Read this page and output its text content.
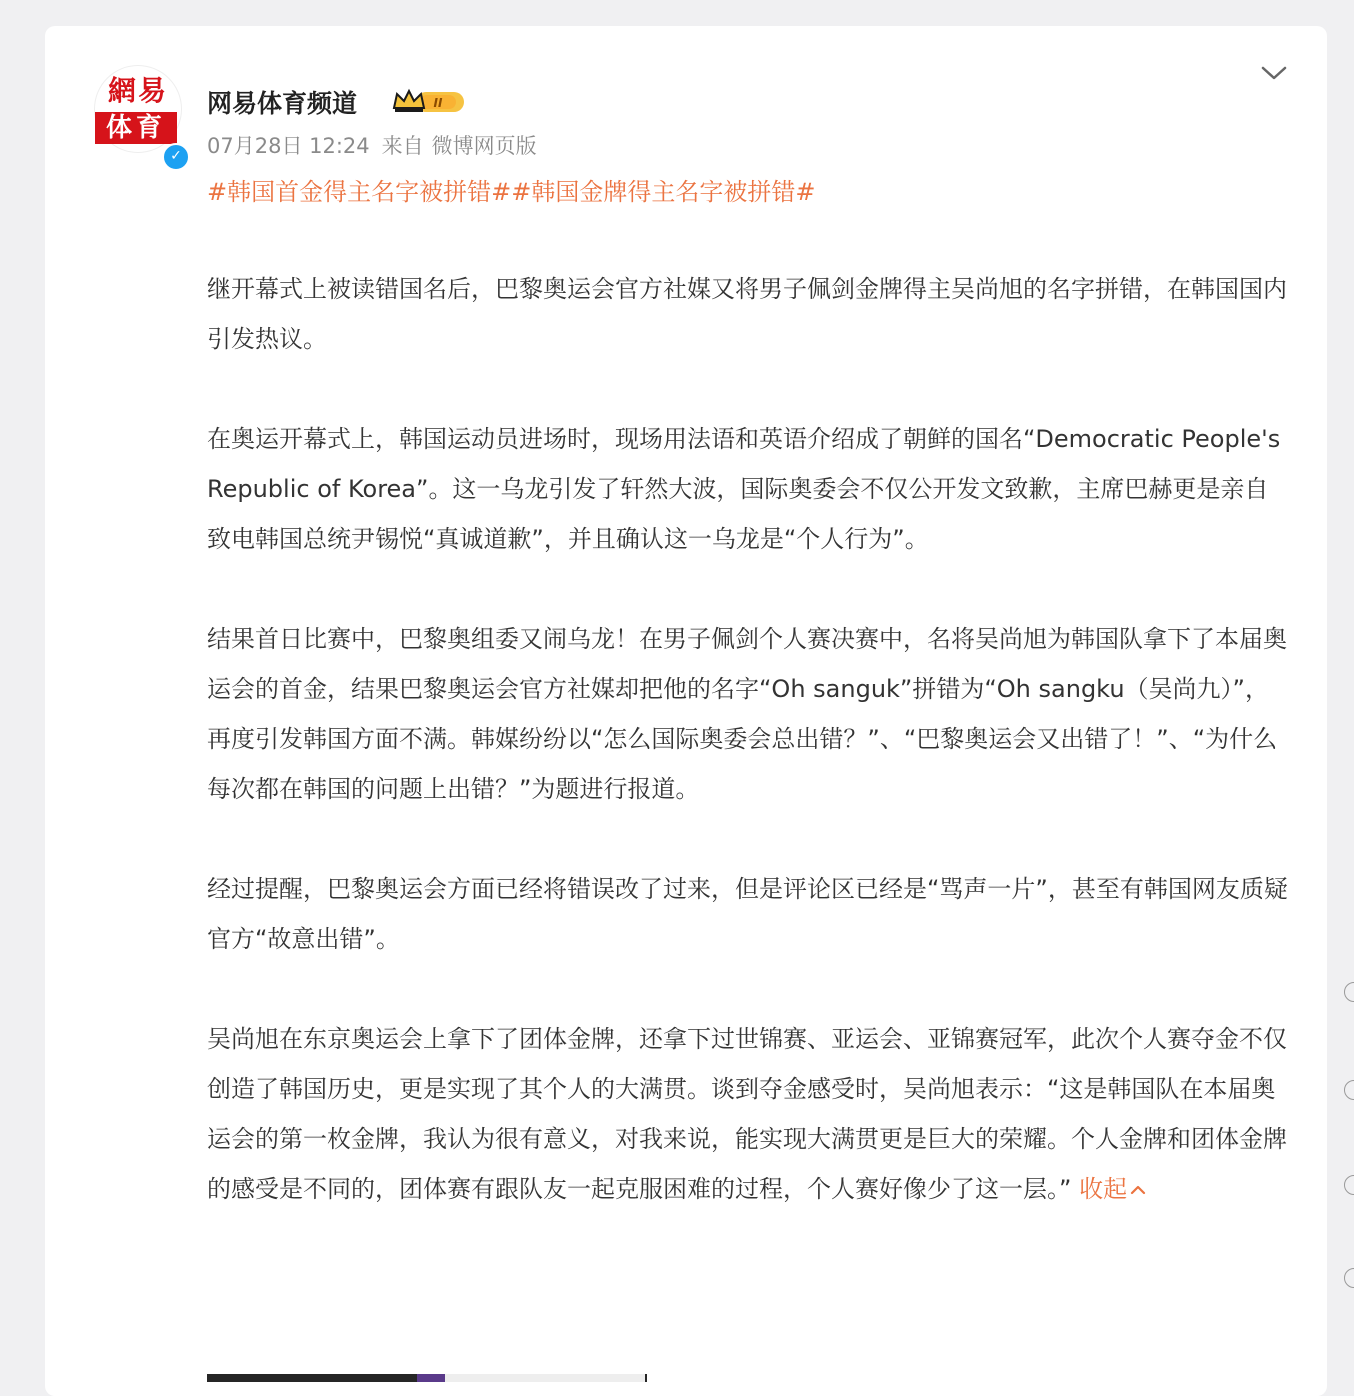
網易
体育
✓
网易体育频道	II
07月28日 12:24 来自 微博网页版
#韩国首金得主名字被拼错##韩国金牌得主名字被拼错#

继开幕式上被读错国名后，巴黎奥运会官方社媒又将男子佩剑金牌得主吴尚旭的名字拼错，在韩国国内引发热议。

在奥运开幕式上，韩国运动员进场时，现场用法语和英语介绍成了朝鲜的国名“Democratic People's Republic of Korea”。这一乌龙引发了轩然大波，国际奥委会不仅公开发文致歉，主席巴赫更是亲自致电韩国总统尹锡悦“真诚道歉”，并且确认这一乌龙是“个人行为”。

结果首日比赛中，巴黎奥组委又闹乌龙！在男子佩剑个人赛决赛中，名将吴尚旭为韩国队拿下了本届奥运会的首金，结果巴黎奥运会官方社媒却把他的名字“Oh sanguk”拼错为“Oh sangku（吴尚九）”，再度引发韩国方面不满。韩媒纷纷以“怎么国际奥委会总出错？”、“巴黎奥运会又出错了！”、“为什么每次都在韩国的问题上出错？”为题进行报道。

经过提醒，巴黎奥运会方面已经将错误改了过来，但是评论区已经是“骂声一片”，甚至有韩国网友质疑官方“故意出错”。

吴尚旭在东京奥运会上拿下了团体金牌，还拿下过世锦赛、亚运会、亚锦赛冠军，此次个人赛夺金不仅创造了韩国历史，更是实现了其个人的大满贯。谈到夺金感受时，吴尚旭表示：“这是韩国队在本届奥运会的第一枚金牌，我认为很有意义，对我来说，能实现大满贯更是巨大的荣耀。个人金牌和团体金牌的感受是不同的，团体赛有跟队友一起克服困难的过程，个人赛好像少了这一层。” 收起
